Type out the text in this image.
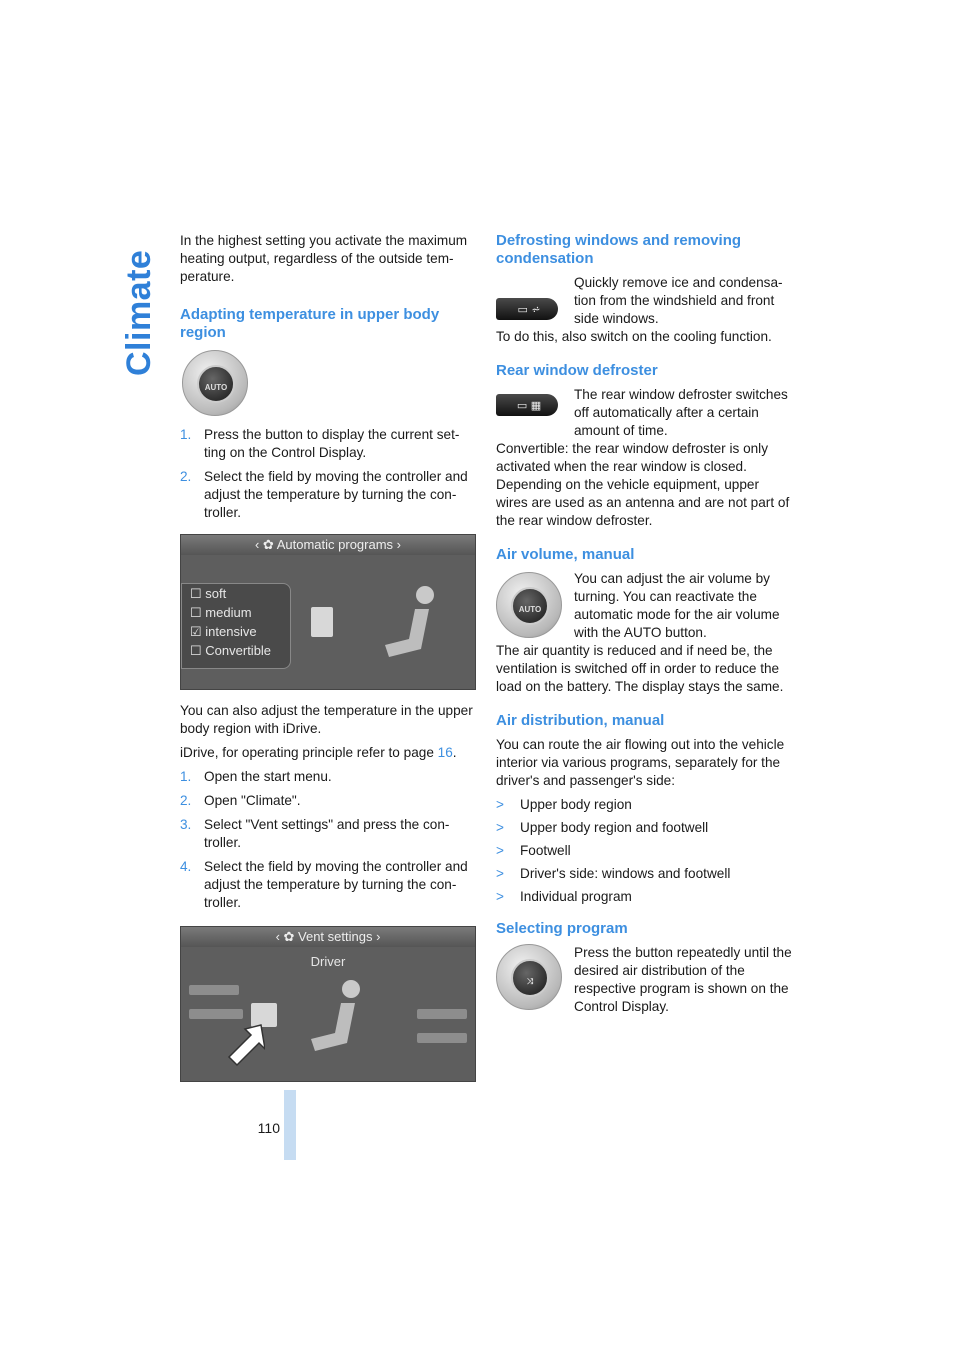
Climate

In the highest setting you activate the maximum heating output, regardless of the outside tem-perature.

Adapting temperature in upper body region
AUTO
1. Press the button to display the current set-ting on the Control Display.
2. Select the field by moving the controller and adjust the temperature by turning the con-troller.
‹ ✿ Automatic programs ›
☐ soft
☐ medium
☑ intensive
☐ Convertible

You can also adjust the temperature in the upper body region with iDrive.

iDrive, for operating principle refer to page 16.

1. Open the start menu.
2. Open "Climate".
3. Select "Vent settings" and press the con-troller.
4. Select the field by moving the controller and adjust the temperature by turning the con-troller.
‹ ✿ Vent settings ›
Driver
Defrosting windows and removing condensation
▭ ⩫
Quickly remove ice and condensa-tion from the windshield and front side windows.

To do this, also switch on the cooling function.

Rear window defroster
▭ ▦
The rear window defroster switches off automatically after a certain amount of time.

Convertible: the rear window defroster is only activated when the rear window is closed.

Depending on the vehicle equipment, upper wires are used as an antenna and are not part of the rear window defroster.

Air volume, manual
AUTO
You can adjust the air volume by turning. You can reactivate the automatic mode for the air volume with the AUTO button.

The air quantity is reduced and if need be, the ventilation is switched off in order to reduce the load on the battery. The display stays the same.

Air distribution, manual

You can route the air flowing out into the vehicle interior via various programs, separately for the driver's and passenger's side:

> Upper body region
> Upper body region and footwell
> Footwell
> Driver's side: windows and footwell
> Individual program
Selecting program
⤨
Press the button repeatedly until the desired air distribution of the respective program is shown on the Control Display.
110
